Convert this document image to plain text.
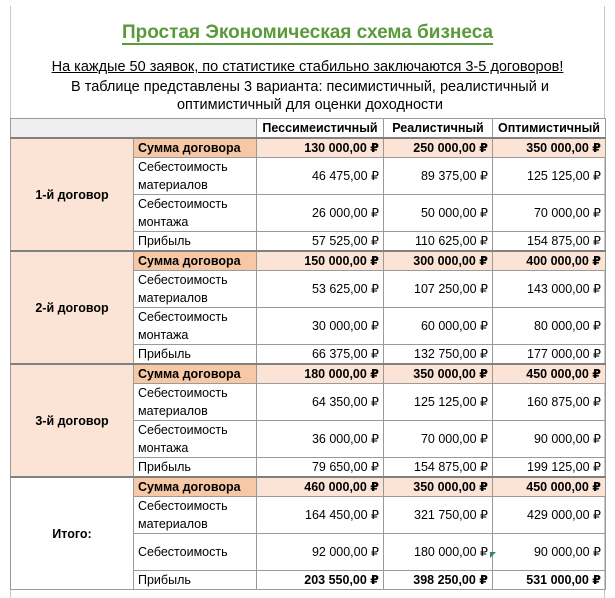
Простая Экономическая схема бизнеса
На каждые 50 заявок, по статистике стабильно заключаются 3-5 договоров!
В таблице представлены 3 варианта: песимистичный, реалистичный и оптимистичный для оценки доходности
		Пессимеистичный	Реалистичный	Оптимистичный
1-й договор	Сумма договора	130 000,00 ₽	250 000,00 ₽	350 000,00 ₽
	Себестоимость материалов	46 475,00 ₽	89 375,00 ₽	125 125,00 ₽
	Себестоимость монтажа	26 000,00 ₽	50 000,00 ₽	70 000,00 ₽
	Прибыль	57 525,00 ₽	110 625,00 ₽	154 875,00 ₽
2-й договор	Сумма договора	150 000,00 ₽	300 000,00 ₽	400 000,00 ₽
	Себестоимость материалов	53 625,00 ₽	107 250,00 ₽	143 000,00 ₽
	Себестоимость монтажа	30 000,00 ₽	60 000,00 ₽	80 000,00 ₽
	Прибыль	66 375,00 ₽	132 750,00 ₽	177 000,00 ₽
3-й договор	Сумма договора	180 000,00 ₽	350 000,00 ₽	450 000,00 ₽
	Себестоимость материалов	64 350,00 ₽	125 125,00 ₽	160 875,00 ₽
	Себестоимость монтажа	36 000,00 ₽	70 000,00 ₽	90 000,00 ₽
	Прибыль	79 650,00 ₽	154 875,00 ₽	199 125,00 ₽
Итого:	Сумма договора	460 000,00 ₽	350 000,00 ₽	450 000,00 ₽
	Себестоимость материалов	164 450,00 ₽	321 750,00 ₽	429 000,00 ₽
	Себестоимость	92 000,00 ₽	180 000,00 ₽	90 000,00 ₽
	Прибыль	203 550,00 ₽	398 250,00 ₽	531 000,00 ₽
